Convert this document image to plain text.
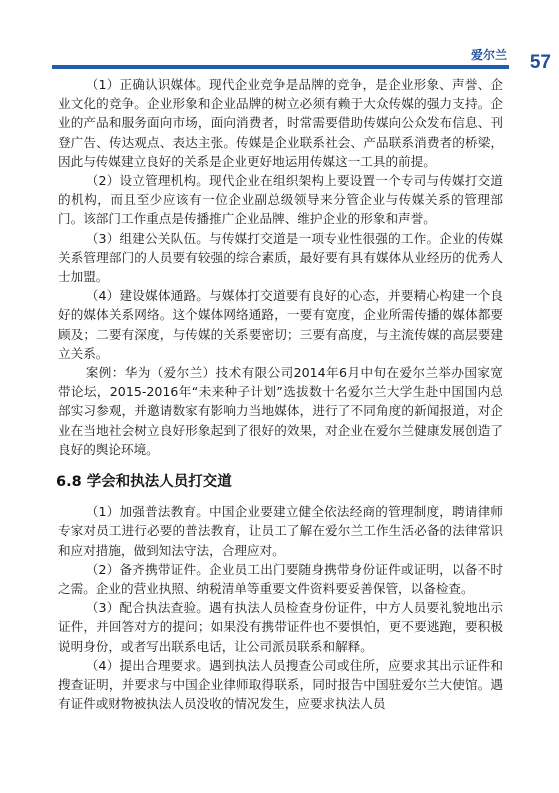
爱尔兰 57

（1）正确认识媒体。现代企业竞争是品牌的竞争，是企业形象、声誉、企业文化的竞争。企业形象和企业品牌的树立必须有赖于大众传媒的强力支持。企业的产品和服务面向市场，面向消费者，时常需要借助传媒向公众发布信息、刊登广告、传达观点、表达主张。传媒是企业联系社会、产品联系消费者的桥梁，因此与传媒建立良好的关系是企业更好地运用传媒这一工具的前提。

（2）设立管理机构。现代企业在组织架构上要设置一个专司与传媒打交道的机构，而且至少应该有一位企业副总级领导来分管企业与传媒关系的管理部门。该部门工作重点是传播推广企业品牌、维护企业的形象和声誉。

（3）组建公关队伍。与传媒打交道是一项专业性很强的工作。企业的传媒关系管理部门的人员要有较强的综合素质，最好要有具有媒体从业经历的优秀人士加盟。

（4）建设媒体通路。与媒体打交道要有良好的心态，并要精心构建一个良好的媒体关系网络。这个媒体网络通路，一要有宽度，企业所需传播的媒体都要顾及；二要有深度，与传媒的关系要密切；三要有高度，与主流传媒的高层要建立关系。

案例：华为（爱尔兰）技术有限公司2014年6月中旬在爱尔兰举办国家宽带论坛，2015-2016年“未来种子计划”选拔数十名爱尔兰大学生赴中国国内总部实习参观，并邀请数家有影响力当地媒体，进行了不同角度的新闻报道，对企业在当地社会树立良好形象起到了很好的效果，对企业在爱尔兰健康发展创造了良好的舆论环境。

6.8 学会和执法人员打交道

（1）加强普法教育。中国企业要建立健全依法经商的管理制度，聘请律师专家对员工进行必要的普法教育，让员工了解在爱尔兰工作生活必备的法律常识和应对措施，做到知法守法，合理应对。

（2）备齐携带证件。企业员工出门要随身携带身份证件或证明，以备不时之需。企业的营业执照、纳税清单等重要文件资料要妥善保管，以备检查。

（3）配合执法查验。遇有执法人员检查身份证件，中方人员要礼貌地出示证件，并回答对方的提问；如果没有携带证件也不要惧怕，更不要逃跑，要积极说明身份，或者写出联系电话，让公司派员联系和解释。

（4）提出合理要求。遇到执法人员搜查公司或住所，应要求其出示证件和搜查证明，并要求与中国企业律师取得联系，同时报告中国驻爱尔兰大使馆。遇有证件或财物被执法人员没收的情况发生，应要求执法人员
